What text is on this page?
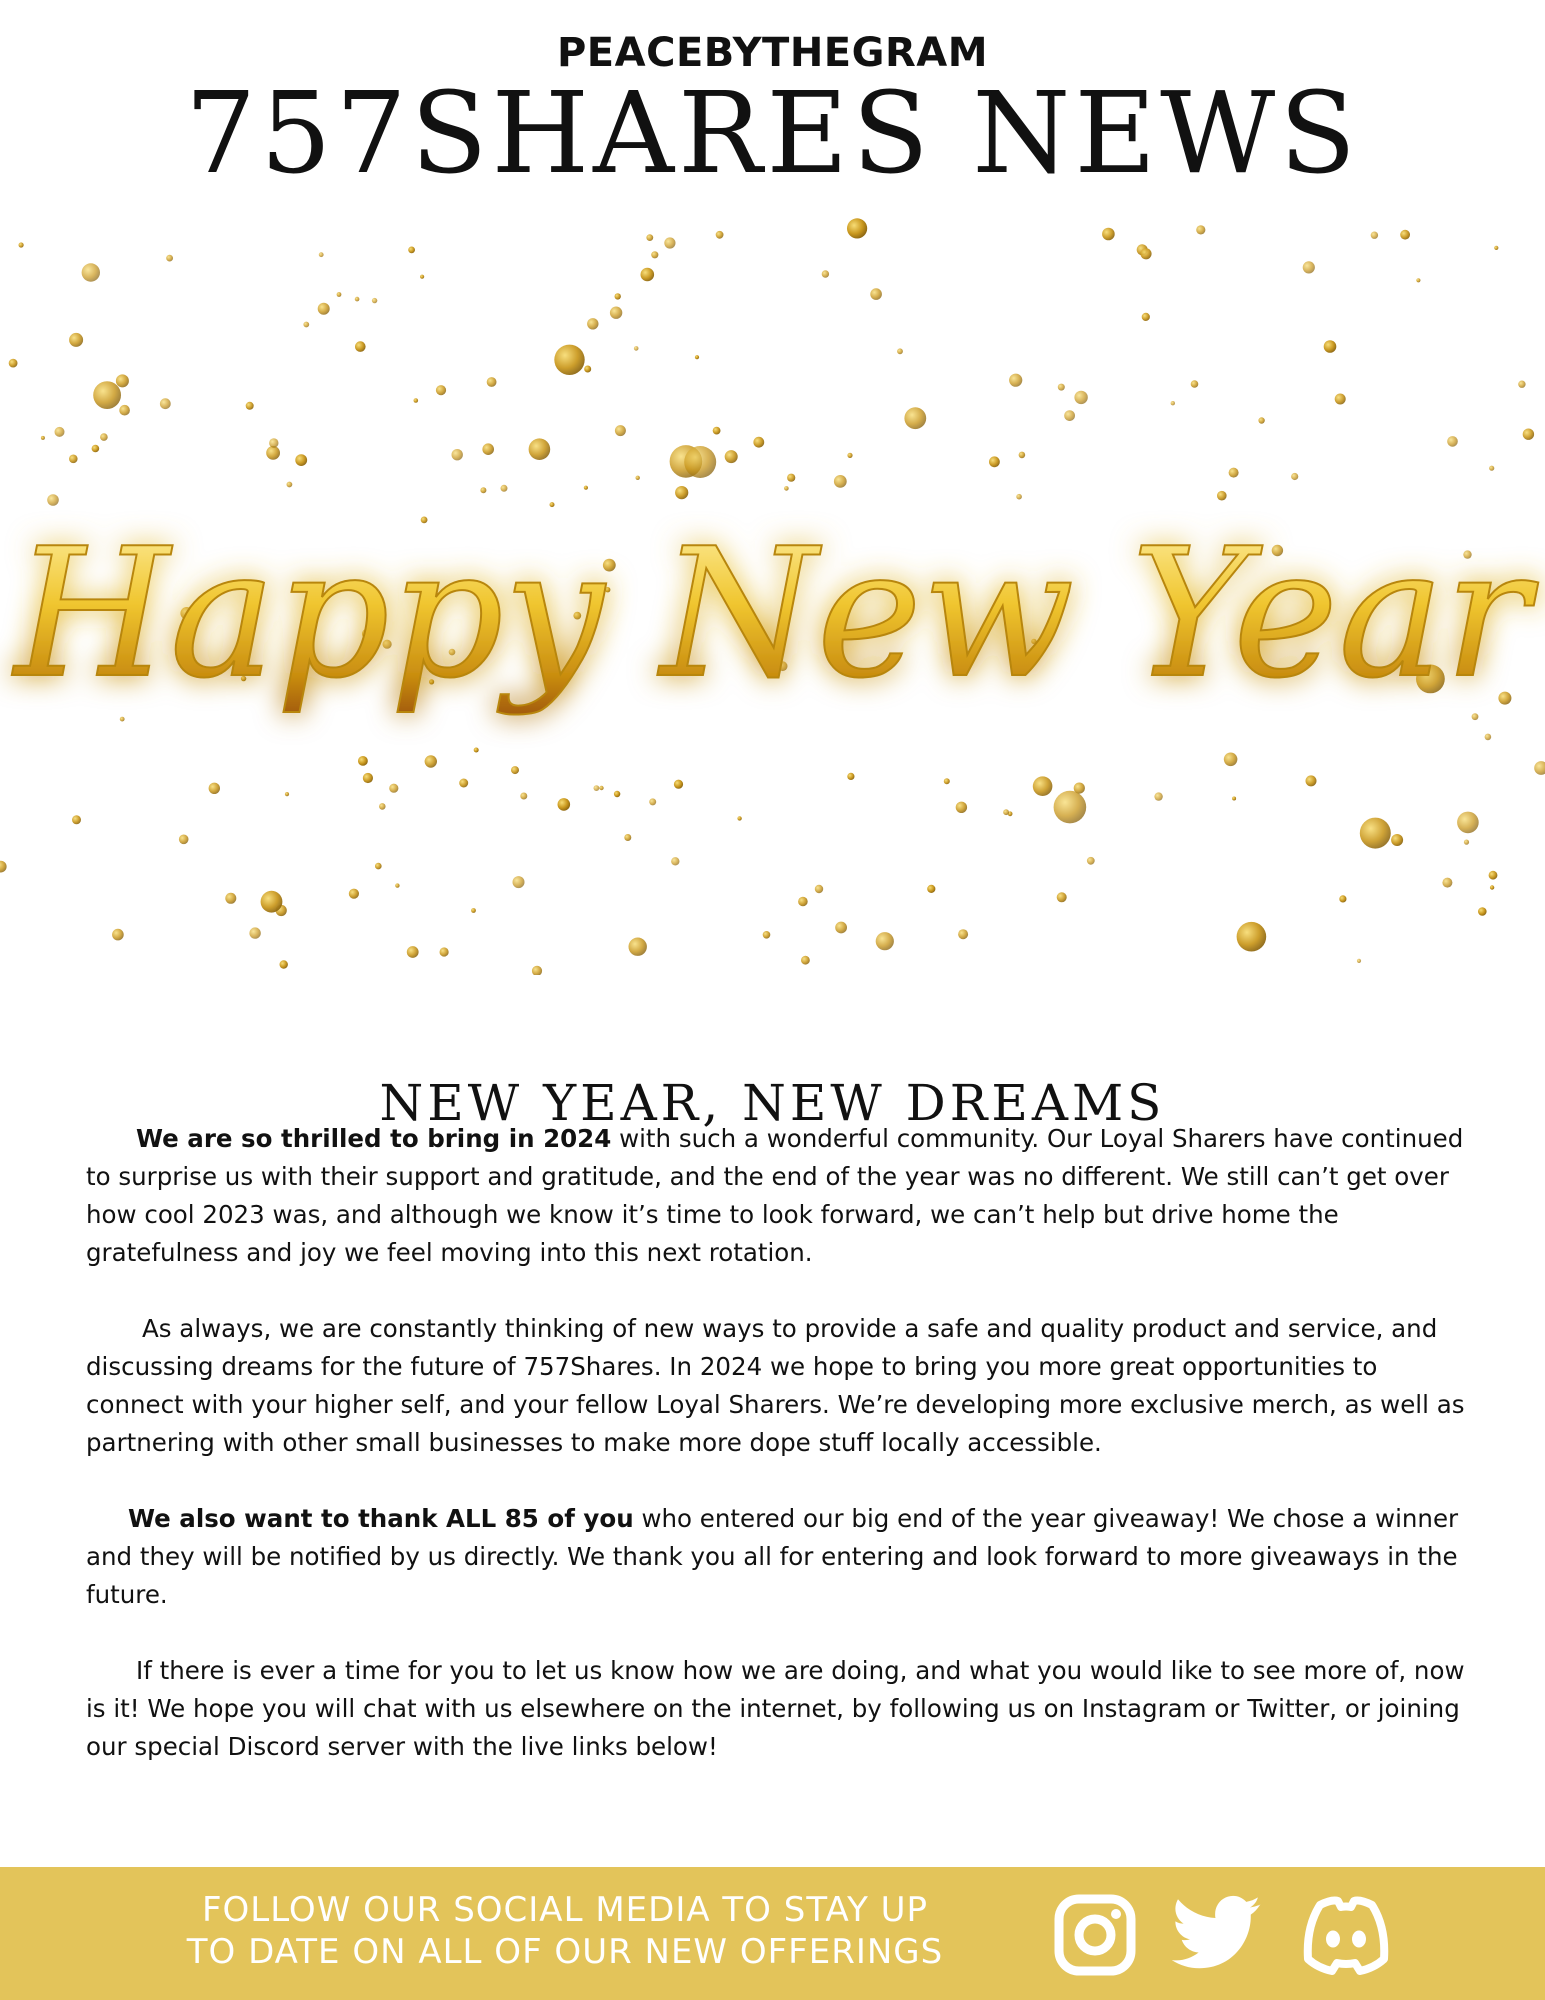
PEACEBYTHEGRAM
757SHARES NEWS
Happy New Year
NEW YEAR, NEW DREAMS

We are so thrilled to bring in 2024 with such a wonderful community. Our Loyal Sharers have continued to surprise us with their support and gratitude, and the end of the year was no different. We still can’t get over how cool 2023 was, and although we know it’s time to look forward, we can’t help but drive home the gratefulness and joy we feel moving into this next rotation.

As always, we are constantly thinking of new ways to provide a safe and quality product and service, and discussing dreams for the future of 757Shares. In 2024 we hope to bring you more great opportunities to connect with your higher self, and your fellow Loyal Sharers. We’re developing more exclusive merch, as well as partnering with other small businesses to make more dope stuff locally accessible.

We also want to thank ALL 85 of you who entered our big end of the year giveaway! We chose a winner and they will be notified by us directly. We thank you all for entering and look forward to more giveaways in the future.

If there is ever a time for you to let us know how we are doing, and what you would like to see more of, now is it! We hope you will chat with us elsewhere on the internet, by following us on Instagram or Twitter, or joining our special Discord server with the live links below!

FOLLOW OUR SOCIAL MEDIA TO STAY UP
TO DATE ON ALL OF OUR NEW OFFERINGS
